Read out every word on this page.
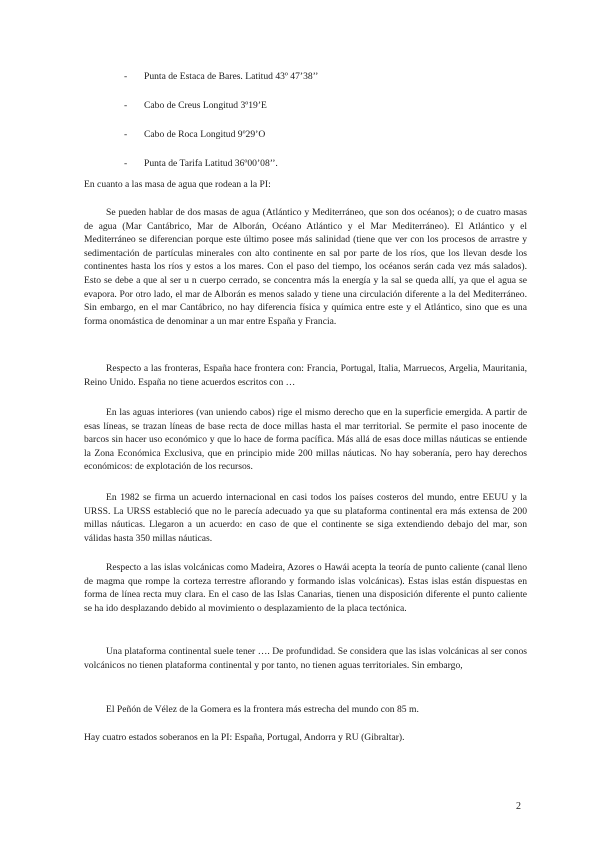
- Punta de Estaca de Bares. Latitud 43º 47’38’’
- Cabo de Creus Longitud 3º19’E
- Cabo de Roca Longitud 9º29’O
- Punta de Tarifa Latitud 36º00’08’’.

En cuanto a las masa de agua que rodean a la PI:

Se pueden hablar de dos masas de agua (Atlántico y Mediterráneo, que son dos océanos); o de cuatro masas de agua (Mar Cantábrico, Mar de Alborán, Océano Atlántico y el Mar Mediterráneo). El Atlántico y el Mediterráneo se diferencian porque este último posee más salinidad (tiene que ver con los procesos de arrastre y sedimentación de partículas minerales con alto continente en sal por parte de los ríos, que los llevan desde los continentes hasta los ríos y estos a los mares. Con el paso del tiempo, los océanos serán cada vez más salados). Esto se debe a que al ser u n cuerpo cerrado, se concentra más la energía y la sal se queda allí, ya que el agua se evapora. Por otro lado, el mar de Alborán es menos salado y tiene una circulación diferente a la del Mediterráneo. Sin embargo, en el mar Cantábrico, no hay diferencia física y química entre este y el Atlántico, sino que es una forma onomástica de denominar a un mar entre España y Francia.

Respecto a las fronteras, España hace frontera con: Francia, Portugal, Italia, Marruecos, Argelia, Mauritania, Reino Unido. España no tiene acuerdos escritos con …

En las aguas interiores (van uniendo cabos) rige el mismo derecho que en la superficie emergida. A partir de esas líneas, se trazan líneas de base recta de doce millas hasta el mar territorial. Se permite el paso inocente de barcos sin hacer uso económico y que lo hace de forma pacífica. Más allá de esas doce millas náuticas se entiende la Zona Económica Exclusiva, que en principio mide 200 millas náuticas. No hay soberanía, pero hay derechos económicos: de explotación de los recursos.

En 1982 se firma un acuerdo internacional en casi todos los países costeros del mundo, entre EEUU y la URSS. La URSS estableció que no le parecía adecuado ya que su plataforma continental era más extensa de 200 millas náuticas. Llegaron a un acuerdo: en caso de que el continente se siga extendiendo debajo del mar, son válidas hasta 350 millas náuticas.

Respecto a las islas volcánicas como Madeira, Azores o Hawái acepta la teoría de punto caliente (canal lleno de magma que rompe la corteza terrestre aflorando y formando islas volcánicas). Estas islas están dispuestas en forma de línea recta muy clara. En el caso de las Islas Canarias, tienen una disposición diferente el punto caliente se ha ido desplazando debido al movimiento o desplazamiento de la placa tectónica.

Una plataforma continental suele tener …. De profundidad. Se considera que las islas volcánicas al ser conos volcánicos no tienen plataforma continental y por tanto, no tienen aguas territoriales. Sin embargo,

El Peñón de Vélez de la Gomera es la frontera más estrecha del mundo con 85 m.

Hay cuatro estados soberanos en la PI: España, Portugal, Andorra y RU (Gibraltar).

2
